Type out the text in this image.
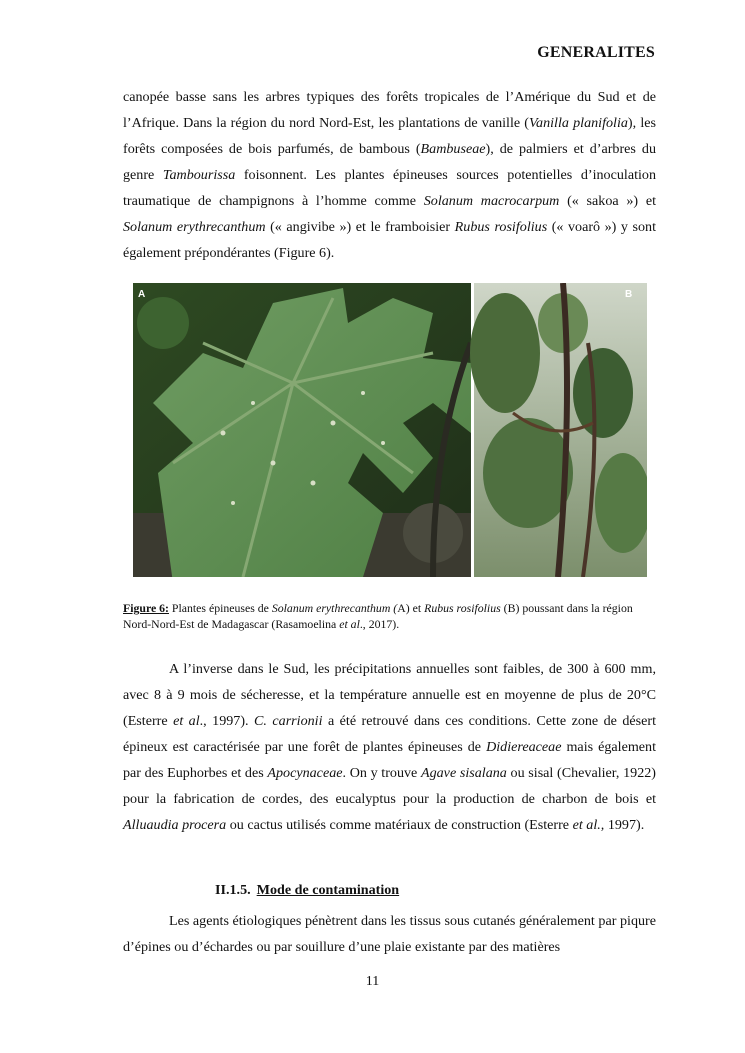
GENERALITES

canopée basse sans les arbres typiques des forêts tropicales de l’Amérique du Sud et de l’Afrique. Dans la région du nord Nord-Est, les plantations de vanille (Vanilla planifolia), les forêts composées de bois parfumés, de bambous (Bambuseae), de palmiers et d’arbres du genre Tambourissa foisonnent. Les plantes épineuses sources potentielles d’inoculation traumatique de champignons à l’homme comme Solanum macrocarpum (« sakoa ») et Solanum erythrecanthum (« angivibe ») et le framboisier Rubus rosifolius (« voarô ») y sont également prépondérantes (Figure 6).

A	B

Figure 6: Plantes épineuses de Solanum erythrecanthum (A) et Rubus rosifolius (B) poussant dans la région Nord-Nord-Est de Madagascar (Rasamoelina et al., 2017).

A l’inverse dans le Sud, les précipitations annuelles sont faibles, de 300 à 600 mm, avec 8 à 9 mois de sécheresse, et la température annuelle est en moyenne de plus de 20°C (Esterre et al., 1997). C. carrionii a été retrouvé dans ces conditions. Cette zone de désert épineux est caractérisée par une forêt de plantes épineuses de Didiereaceae mais également par des Euphorbes et des Apocynaceae. On y trouve Agave sisalana ou sisal (Chevalier, 1922) pour la fabrication de cordes, des eucalyptus pour la production de charbon de bois et Alluaudia procera ou cactus utilisés comme matériaux de construction (Esterre et al., 1997).

II.1.5. Mode de contamination

Les agents étiologiques pénètrent dans les tissus sous cutanés généralement par piqure d’épines ou d’échardes ou par souillure d’une plaie existante par des matières

11
